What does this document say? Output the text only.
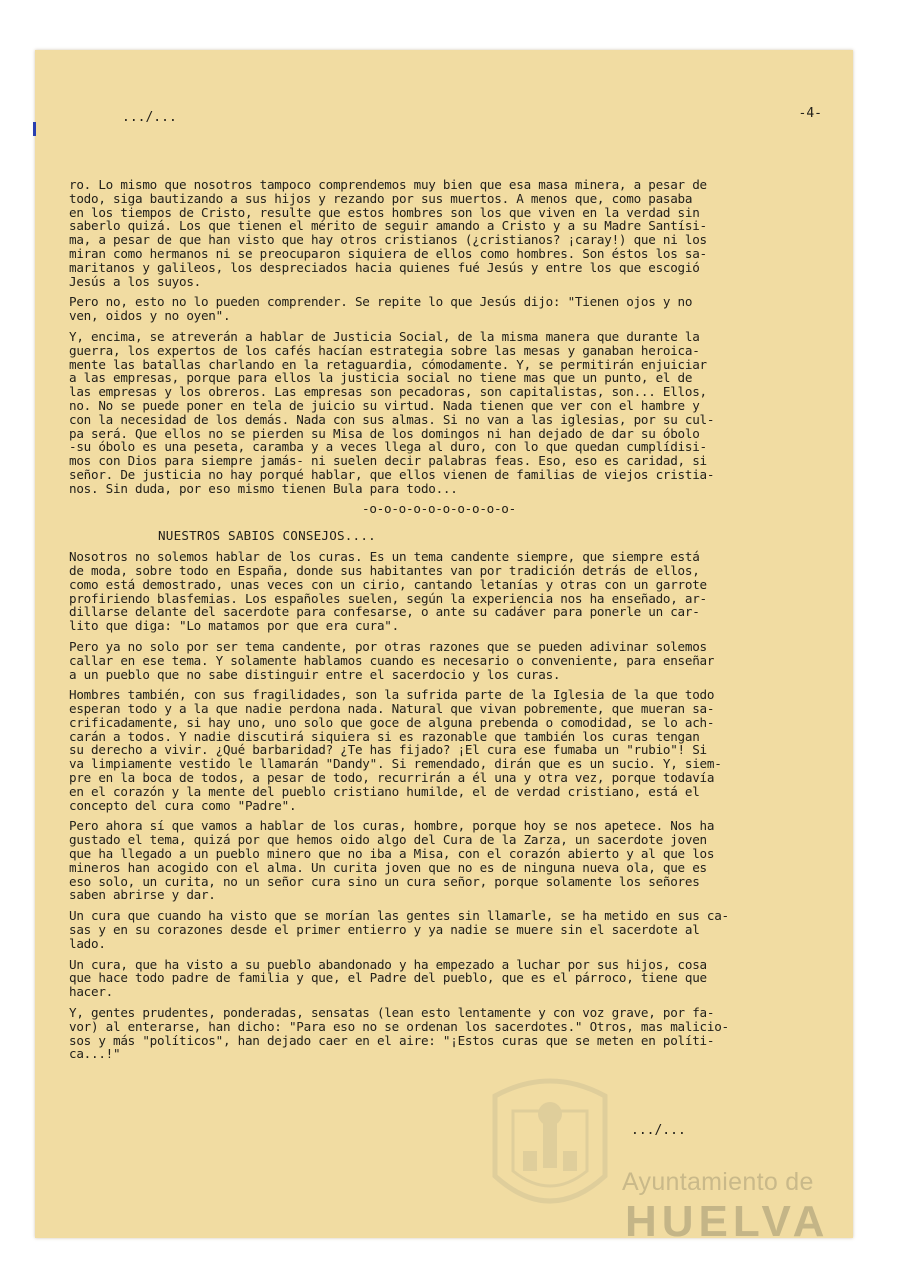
.../...	-4-
ro. Lo mismo que nosotros tampoco comprendemos muy bien que esa masa minera, a pesar de
todo, siga bautizando a sus hijos y rezando por sus muertos. A menos que, como pasaba
en los tiempos de Cristo, resulte que estos hombres son los que viven en la verdad sin
saberlo quizá. Los que tienen el mérito de seguir amando a Cristo y a su Madre Santísi-
ma, a pesar de que han visto que hay otros cristianos (¿cristianos? ¡caray!) que ni los
miran como hermanos ni se preocuparon siquiera de ellos como hombres. Son éstos los sa-
maritanos y galileos, los despreciados hacia quienes fué Jesús y entre los que escogió
Jesús a los suyos.
Pero no, esto no lo pueden comprender. Se repite lo que Jesús dijo: "Tienen ojos y no
ven, oidos y no oyen".
Y, encima, se atreverán a hablar de Justicia Social, de la misma manera que durante la
guerra, los expertos de los cafés hacían estrategia sobre las mesas y ganaban heroica-
mente las batallas charlando en la retaguardia, cómodamente. Y, se permitirán enjuiciar
a las empresas, porque para ellos la justicia social no tiene mas que un punto, el de
las empresas y los obreros. Las empresas son pecadoras, son capitalistas, son... Ellos,
no. No se puede poner en tela de juicio su virtud. Nada tienen que ver con el hambre y
con la necesidad de los demás. Nada con sus almas. Si no van a las iglesias, por su cul-
pa será. Que ellos no se pierden su Misa de los domingos ni han dejado de dar su óbolo
-su óbolo es una peseta, caramba y a veces llega al duro, con lo que quedan cumplídisi-
mos con Dios para siempre jamás- ni suelen decir palabras feas. Eso, eso es caridad, si
señor. De justicia no hay porqué hablar, que ellos vienen de familias de viejos cristia-
nos. Sin duda, por eso mismo tienen Bula para todo...
-o-o-o-o-o-o-o-o-o-o-
NUESTROS SABIOS CONSEJOS....
Nosotros no solemos hablar de los curas. Es un tema candente siempre, que siempre está
de moda, sobre todo en España, donde sus habitantes van por tradición detrás de ellos,
como está demostrado, unas veces con un cirio, cantando letanías y otras con un garrote
profiriendo blasfemias. Los españoles suelen, según la experiencia nos ha enseñado, ar-
dillarse delante del sacerdote para confesarse, o ante su cadáver para ponerle un car-
lito que diga: "Lo matamos por que era cura".
Pero ya no solo por ser tema candente, por otras razones que se pueden adivinar solemos
callar en ese tema. Y solamente hablamos cuando es necesario o conveniente, para enseñar
a un pueblo que no sabe distinguir entre el sacerdocio y los curas.
Hombres también, con sus fragilidades, son la sufrida parte de la Iglesia de la que todo
esperan todo y a la que nadie perdona nada. Natural que vivan pobremente, que mueran sa-
crificadamente, si hay uno, uno solo que goce de alguna prebenda o comodidad, se lo ach-
carán a todos. Y nadie discutirá siquiera si es razonable que también los curas tengan
su derecho a vivir. ¿Qué barbaridad? ¿Te has fijado? ¡El cura ese fumaba un "rubio"! Si
va limpiamente vestido le llamarán "Dandy". Si remendado, dirán que es un sucio. Y, siem-
pre en la boca de todos, a pesar de todo, recurrirán a él una y otra vez, porque todavía
en el corazón y la mente del pueblo cristiano humilde, el de verdad cristiano, está el
concepto del cura como "Padre".
Pero ahora sí que vamos a hablar de los curas, hombre, porque hoy se nos apetece. Nos ha
gustado el tema, quizá por que hemos oido algo del Cura de la Zarza, un sacerdote joven
que ha llegado a un pueblo minero que no iba a Misa, con el corazón abierto y al que los
mineros han acogido con el alma. Un curita joven que no es de ninguna nueva ola, que es
eso solo, un curita, no un señor cura sino un cura señor, porque solamente los señores
saben abrirse y dar.
Un cura que cuando ha visto que se morían las gentes sin llamarle, se ha metido en sus ca-
sas y en su corazones desde el primer entierro y ya nadie se muere sin el sacerdote al
lado.
Un cura, que ha visto a su pueblo abandonado y ha empezado a luchar por sus hijos, cosa
que hace todo padre de familia y que, el Padre del pueblo, que es el párroco, tiene que
hacer.
Y, gentes prudentes, ponderadas, sensatas (lean esto lentamente y con voz grave, por fa-
vor) al enterarse, han dicho: "Para eso no se ordenan los sacerdotes." Otros, mas malicio-
sos y más "políticos", han dejado caer en el aire: "¡Estos curas que se meten en políti-
ca...!"
.../...
Ayuntamiento de
HUELVA
